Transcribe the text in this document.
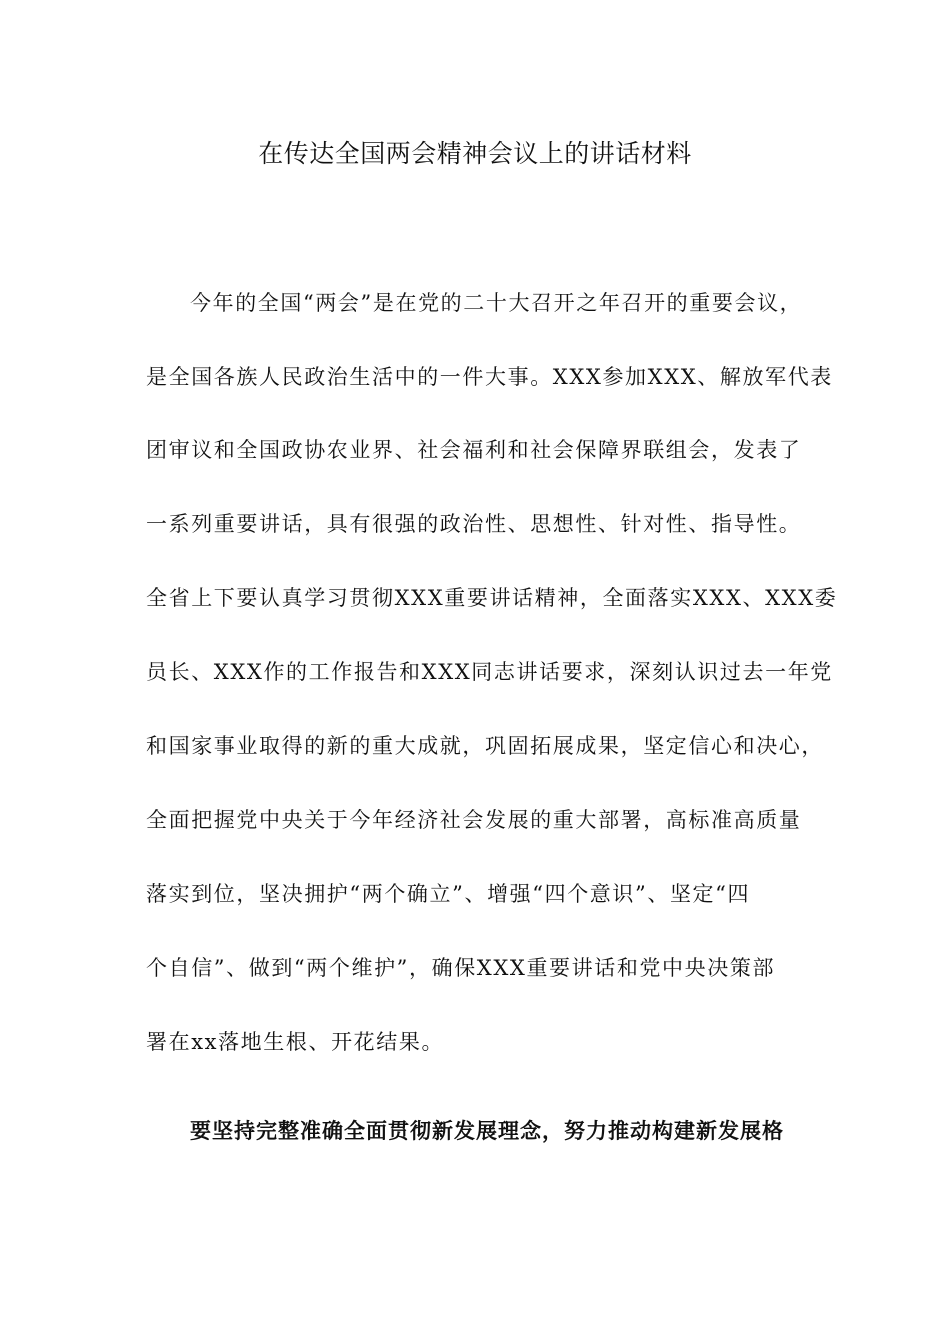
在传达全国两会精神会议上的讲话材料
今年的全国“两会”是在党的二十大召开之年召开的重要会议，
是全国各族人民政治生活中的一件大事。XXX参加XXX、解放军代表
团审议和全国政协农业界、社会福利和社会保障界联组会，发表了
一系列重要讲话，具有很强的政治性、思想性、针对性、指导性。
全省上下要认真学习贯彻XXX重要讲话精神，全面落实XXX、XXX委
员长、XXX作的工作报告和XXX同志讲话要求，深刻认识过去一年党
和国家事业取得的新的重大成就，巩固拓展成果，坚定信心和决心，
全面把握党中央关于今年经济社会发展的重大部署，高标准高质量
落实到位，坚决拥护“两个确立”、增强“四个意识”、坚定“四
个自信”、做到“两个维护”，确保XXX重要讲话和党中央决策部
署在xx落地生根、开花结果。
要坚持完整准确全面贯彻新发展理念，努力推动构建新发展格
